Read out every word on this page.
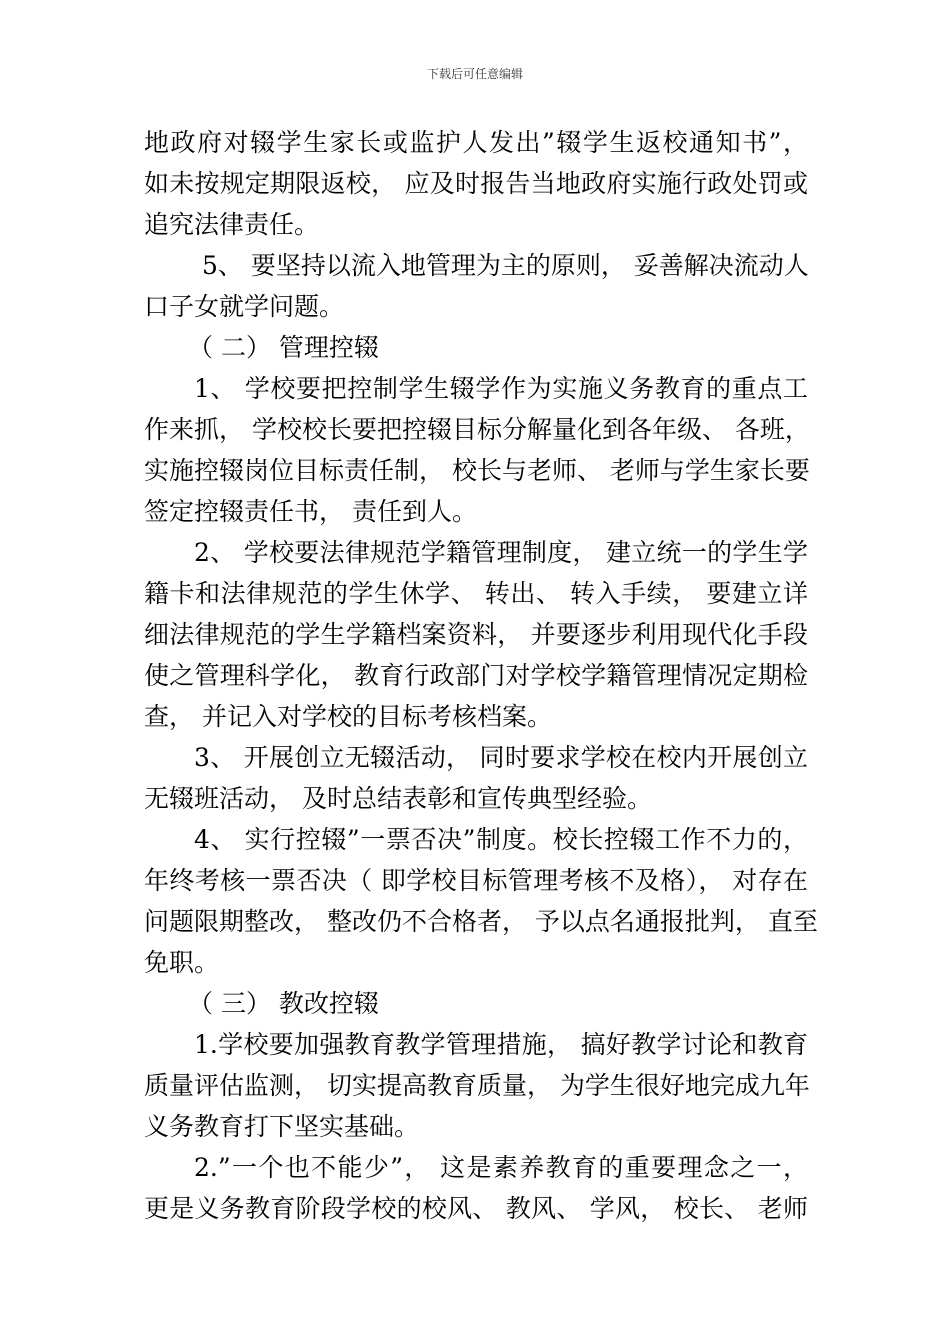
下载后可任意编辑
地政府对辍学生家长或监护人发出”辍学生返校通知书”，
如未按规定期限返校， 应及时报告当地政府实施行政处罚或
追究法律责任。
5、 要坚持以流入地管理为主的原则， 妥善解决流动人
口子女就学问题。
（ 二） 管理控辍
1、 学校要把控制学生辍学作为实施义务教育的重点工
作来抓， 学校校长要把控辍目标分解量化到各年级、 各班，
实施控辍岗位目标责任制， 校长与老师、 老师与学生家长要
签定控辍责任书， 责任到人。
2、 学校要法律规范学籍管理制度， 建立统一的学生学
籍卡和法律规范的学生休学、 转出、 转入手续， 要建立详
细法律规范的学生学籍档案资料， 并要逐步利用现代化手段
使之管理科学化， 教育行政部门对学校学籍管理情况定期检
查， 并记入对学校的目标考核档案。
3、 开展创立无辍活动， 同时要求学校在校内开展创立
无辍班活动， 及时总结表彰和宣传典型经验。
4、 实行控辍”一票否决”制度。校长控辍工作不力的，
年终考核一票否决（ 即学校目标管理考核不及格）， 对存在
问题限期整改， 整改仍不合格者， 予以点名通报批判， 直至
免职。
（ 三） 教改控辍
1.学校要加强教育教学管理措施， 搞好教学讨论和教育
质量评估监测， 切实提高教育质量， 为学生很好地完成九年
义务教育打下坚实基础。
2.”一个也不能少”， 这是素养教育的重要理念之一，
更是义务教育阶段学校的校风、 教风、 学风， 校长、 老师
